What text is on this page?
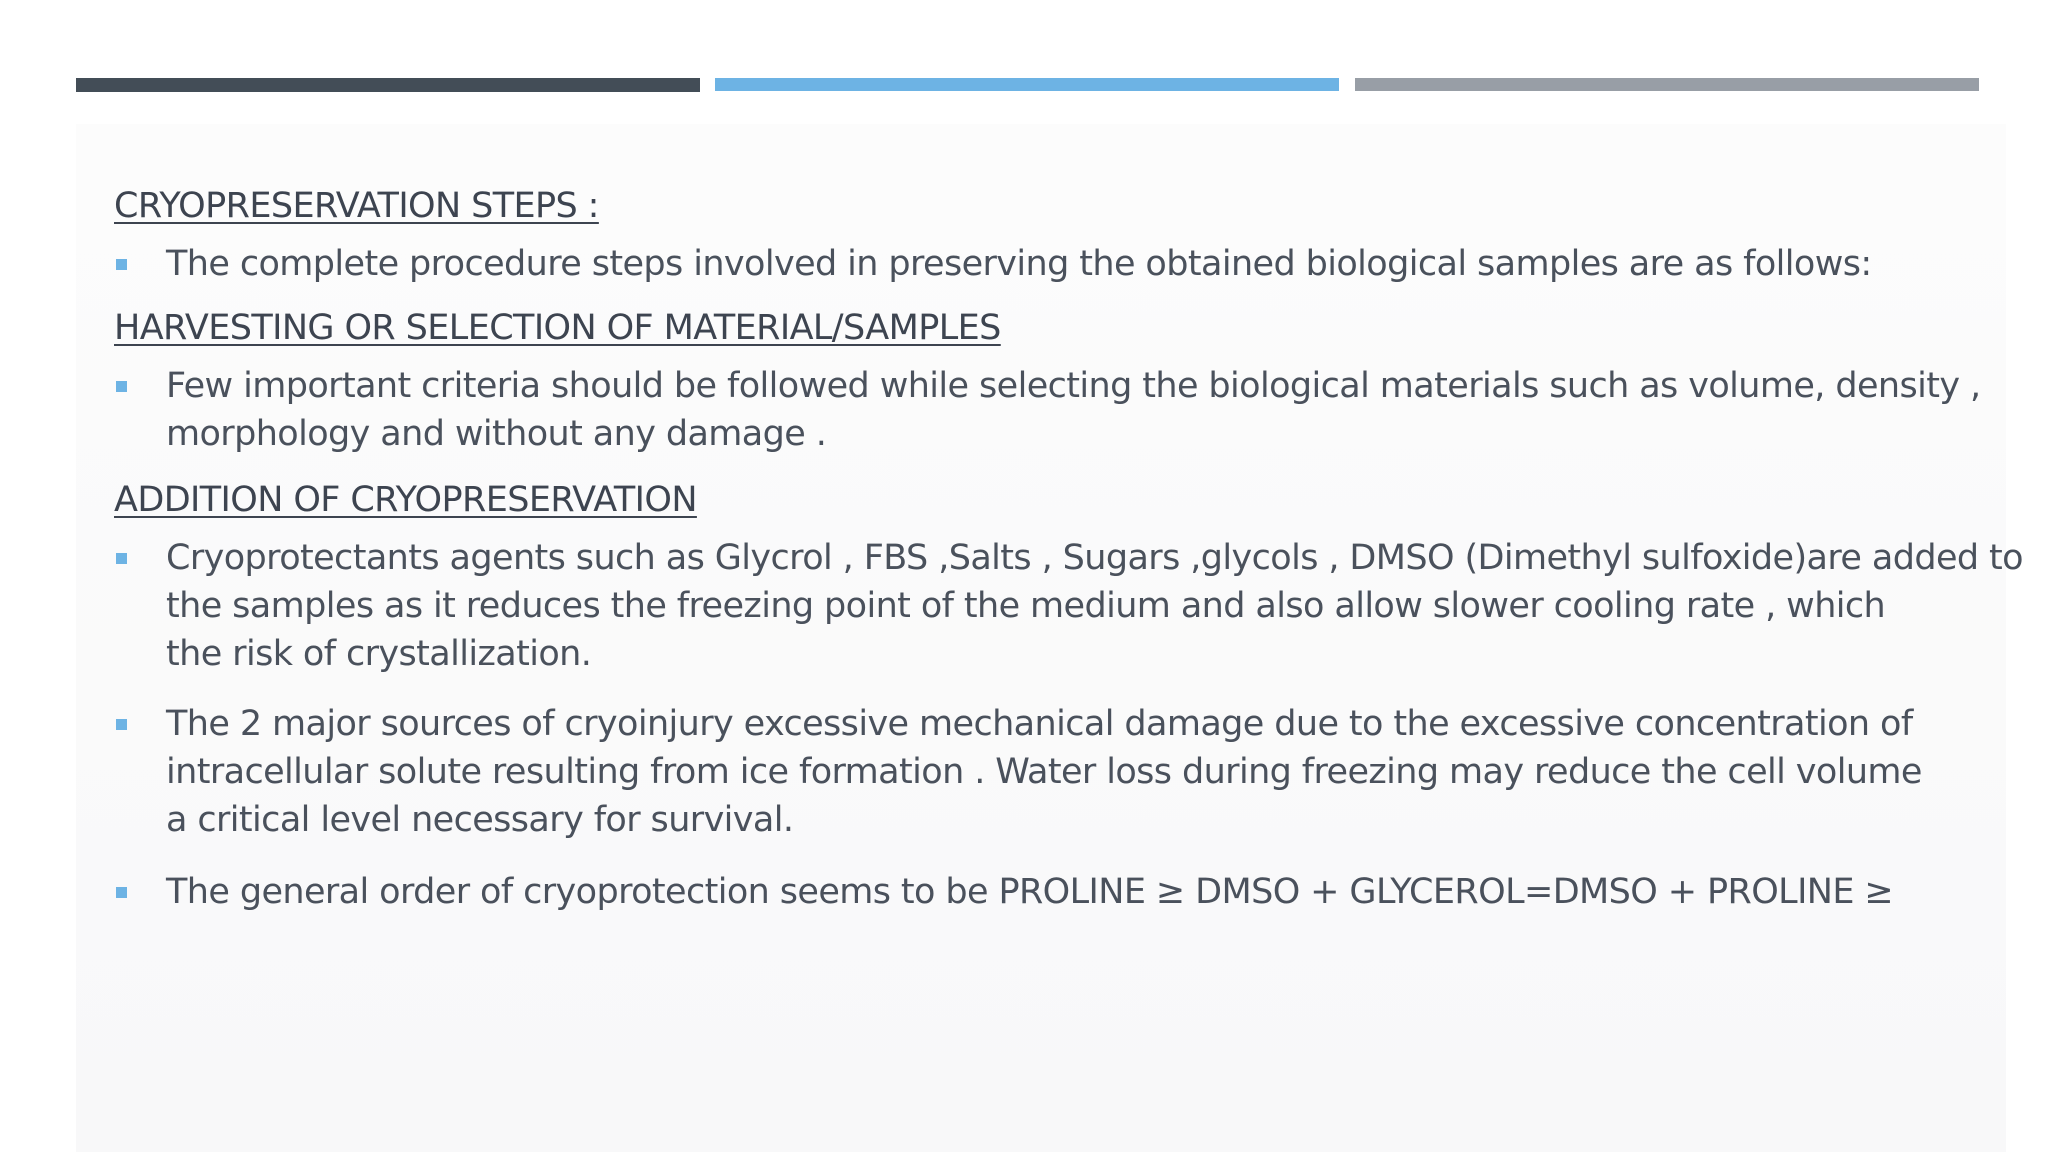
CRYOPRESERVATION STEPS :

The complete procedure steps involved in preserving the obtained biological samples are as follows:

HARVESTING OR SELECTION OF MATERIAL/SAMPLES

Few important criteria should be followed while selecting the biological materials such as volume, density ,
morphology and without any damage .

ADDITION OF CRYOPRESERVATION

Cryoprotectants agents such as Glycrol , FBS ,Salts , Sugars ,glycols , DMSO (Dimethyl sulfoxide)are added to
the samples as it reduces the freezing point of the medium and also allow slower cooling rate , which
the risk of crystallization.
The 2 major sources of cryoinjury excessive mechanical damage due to the excessive concentration of
intracellular solute resulting from ice formation . Water loss during freezing may reduce the cell volume
a critical level necessary for survival.
The general order of cryoprotection seems to be PROLINE ≥ DMSO + GLYCEROL=DMSO + PROLINE ≥
